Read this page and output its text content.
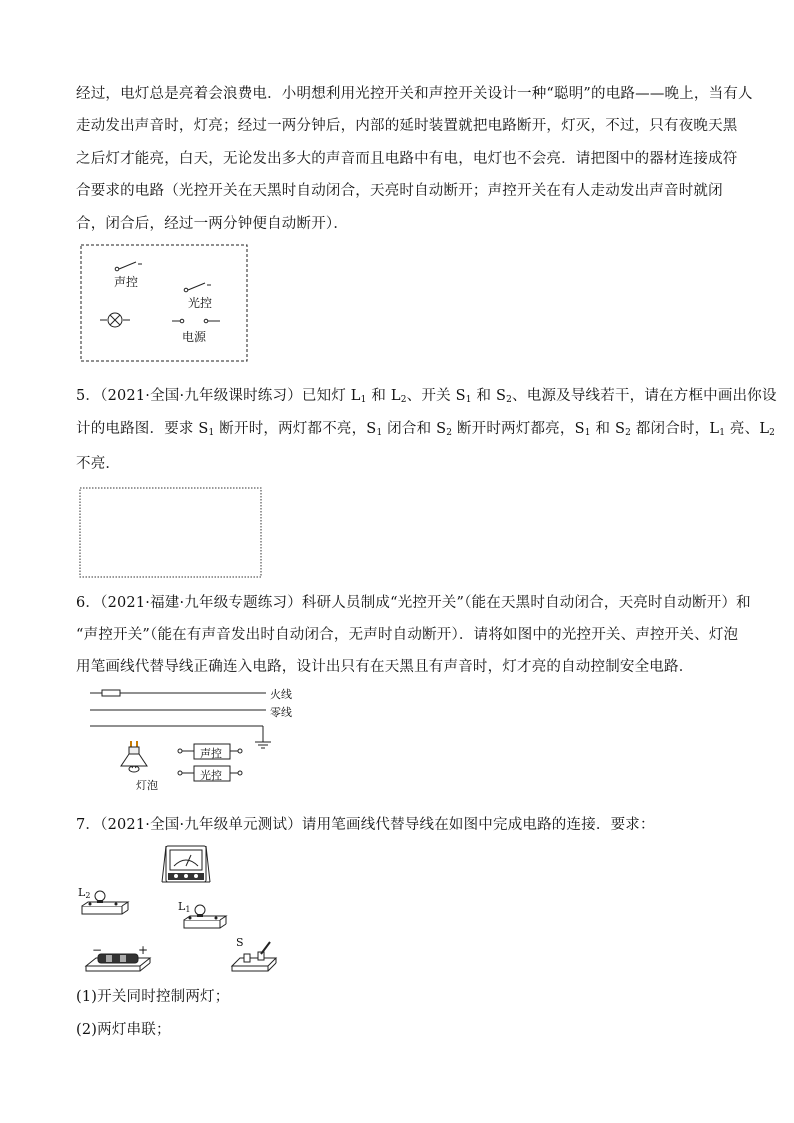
经过，电灯总是亮着会浪费电．小明想利用光控开关和声控开关设计一种“聪明”的电路——晚上，当有人
走动发出声音时，灯亮；经过一两分钟后，内部的延时装置就把电路断开，灯灭，不过，只有夜晚天黑
之后灯才能亮，白天，无论发出多大的声音而且电路中有电，电灯也不会亮．请把图中的器材连接成符
合要求的电路（光控开关在天黑时自动闭合，天亮时自动断开；声控开关在有人走动发出声音时就闭
合，闭合后，经过一两分钟便自动断开）．
声控
光控
电源
5．（2021·全国·九年级课时练习）已知灯 $L_1$ 和 $L_2$、开关 $S_1$ 和 $S_2$、电源及导线若干，请在方框中画出你设
计的电路图．要求 $S_1$ 断开时，两灯都不亮，$S_1$ 闭合和 $S_2$ 断开时两灯都亮，$S_1$ 和 $S_2$ 都闭合时，$L_1$ 亮、$L_2$
不亮．
6．（2021·福建·九年级专题练习）科研人员制成“光控开关”（能在天黑时自动闭合，天亮时自动断开）和
“声控开关”（能在有声音发出时自动闭合，无声时自动断开）．请将如图中的光控开关、声控开关、灯泡
用笔画线代替导线正确连入电路，设计出只有在天黑且有声音时，灯才亮的自动控制安全电路．
火线
零线
声控
光控
灯泡
7．（2021·全国·九年级单元测试）请用笔画线代替导线在如图中完成电路的连接．要求：
$L_2$
$L_1$
−	+
S
(1)开关同时控制两灯；
(2)两灯串联；
